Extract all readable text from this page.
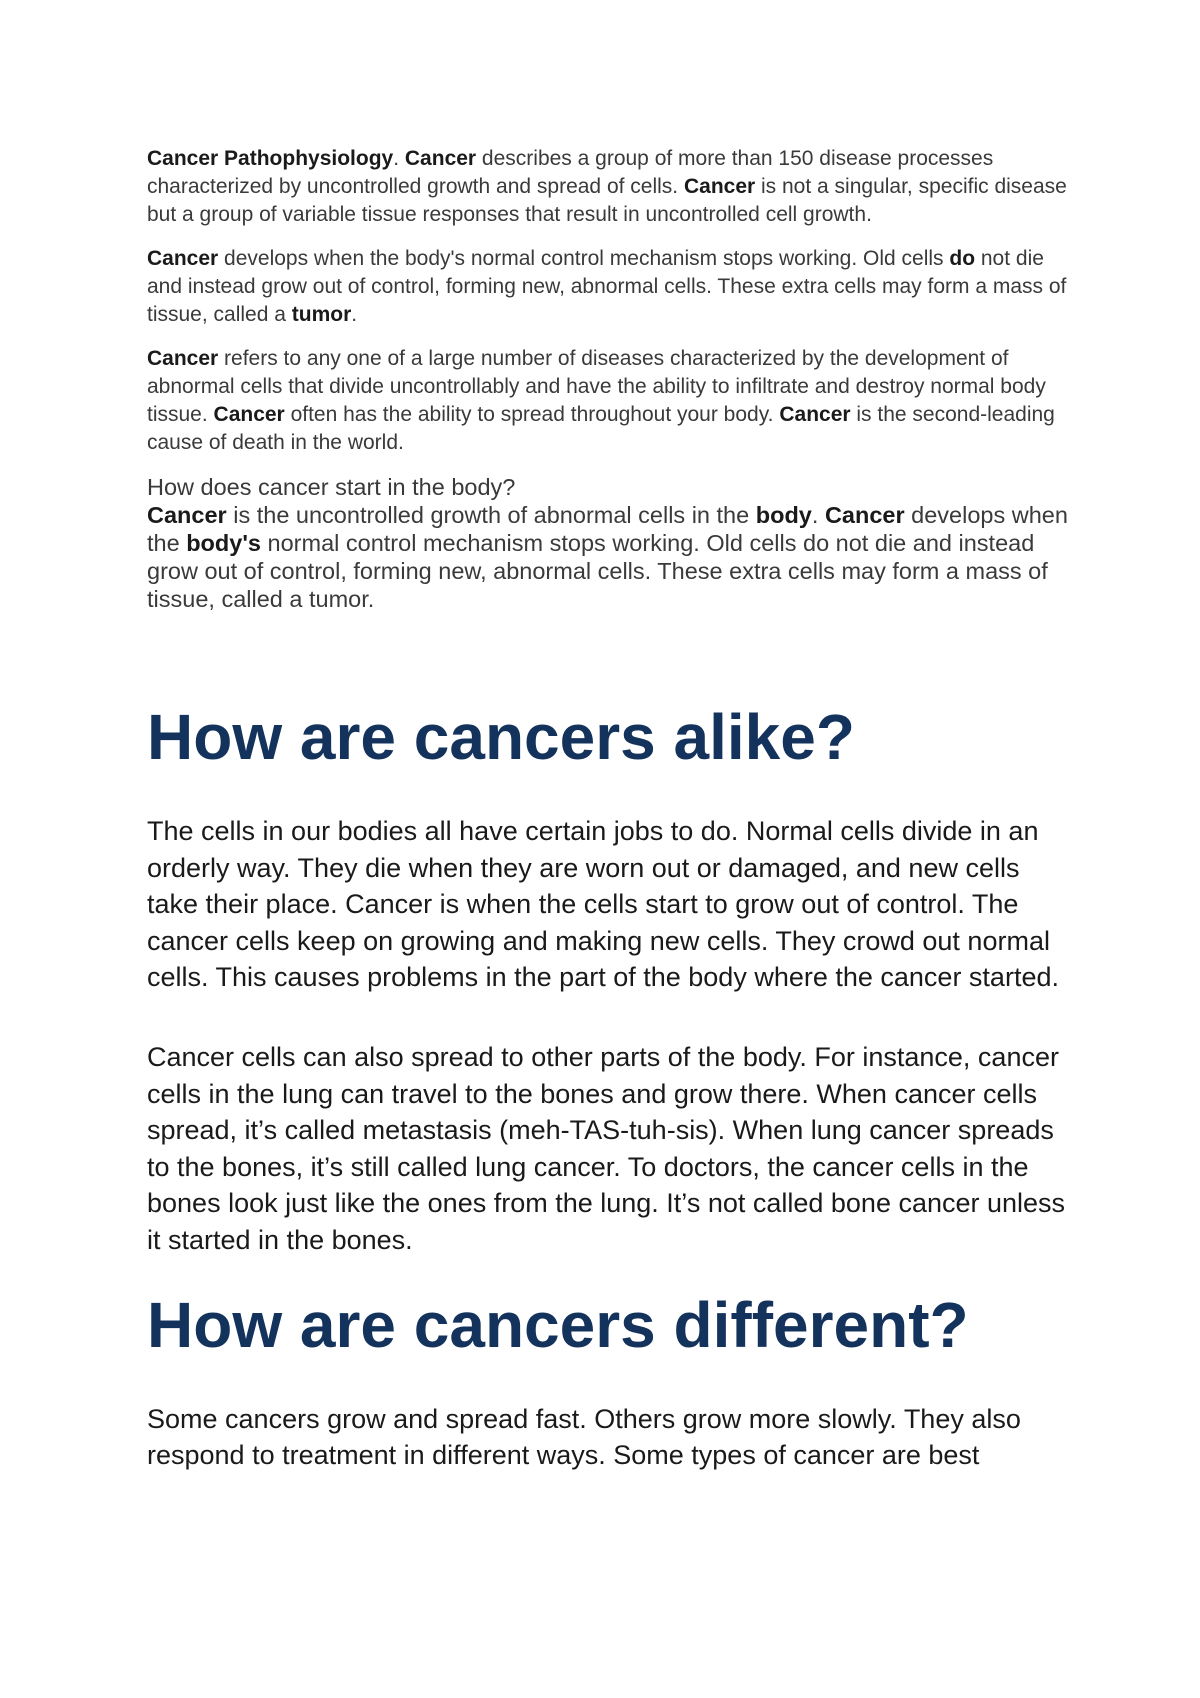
Cancer Pathophysiology. Cancer describes a group of more than 150 disease processes characterized by uncontrolled growth and spread of cells. Cancer is not a singular, specific disease but a group of variable tissue responses that result in uncontrolled cell growth.

Cancer develops when the body's normal control mechanism stops working. Old cells do not die and instead grow out of control, forming new, abnormal cells. These extra cells may form a mass of tissue, called a tumor.

Cancer refers to any one of a large number of diseases characterized by the development of abnormal cells that divide uncontrollably and have the ability to infiltrate and destroy normal body tissue. Cancer often has the ability to spread throughout your body. Cancer is the second-leading cause of death in the world.

How does cancer start in the body?
Cancer is the uncontrolled growth of abnormal cells in the body. Cancer develops when the body's normal control mechanism stops working. Old cells do not die and instead grow out of control, forming new, abnormal cells. These extra cells may form a mass of tissue, called a tumor.

How are cancers alike?

The cells in our bodies all have certain jobs to do. Normal cells divide in an orderly way. They die when they are worn out or damaged, and new cells take their place. Cancer is when the cells start to grow out of control. The cancer cells keep on growing and making new cells. They crowd out normal cells. This causes problems in the part of the body where the cancer started.

Cancer cells can also spread to other parts of the body. For instance, cancer cells in the lung can travel to the bones and grow there. When cancer cells spread, it’s called metastasis (meh-TAS-tuh-sis). When lung cancer spreads to the bones, it’s still called lung cancer. To doctors, the cancer cells in the bones look just like the ones from the lung. It’s not called bone cancer unless it started in the bones.

How are cancers different?

Some cancers grow and spread fast. Others grow more slowly. They also respond to treatment in different ways. Some types of cancer are best
